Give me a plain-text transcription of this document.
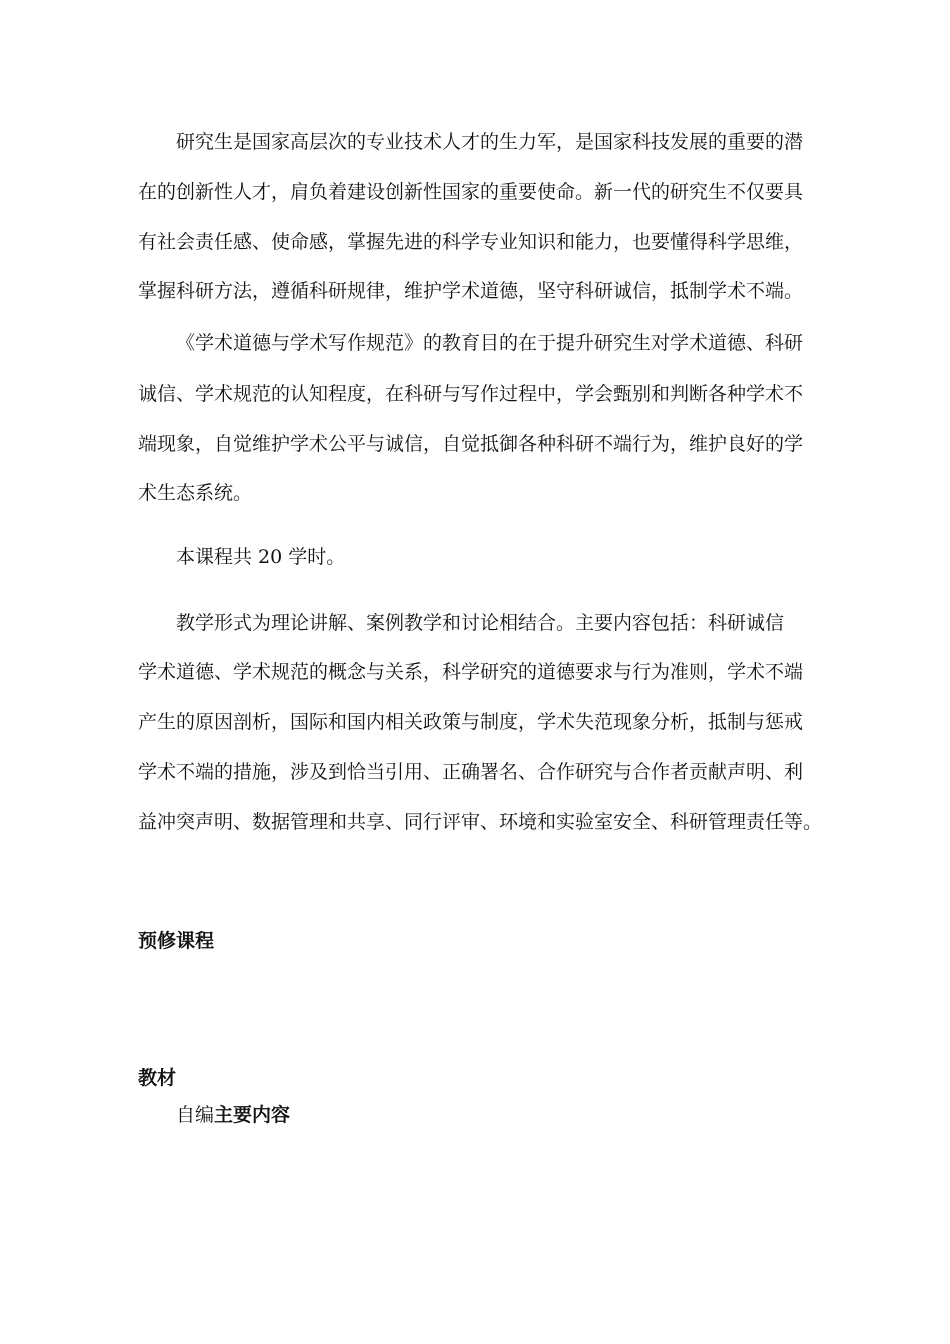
研究生是国家高层次的专业技术人才的生力军，是国家科技发展的重要的潜
在的创新性人才，肩负着建设创新性国家的重要使命。新一代的研究生不仅要具
有社会责任感、使命感，掌握先进的科学专业知识和能力，也要懂得科学思维，
掌握科研方法，遵循科研规律，维护学术道德，坚守科研诚信，抵制学术不端。
《学术道德与学术写作规范》的教育目的在于提升研究生对学术道德、科研
诚信、学术规范的认知程度，在科研与写作过程中，学会甄别和判断各种学术不
端现象，自觉维护学术公平与诚信，自觉抵御各种科研不端行为，维护良好的学
术生态系统。
本课程共 20 学时。
教学形式为理论讲解、案例教学和讨论相结合。主要内容包括：科研诚信
学术道德、学术规范的概念与关系，科学研究的道德要求与行为准则，学术不端
产生的原因剖析，国际和国内相关政策与制度，学术失范现象分析，抵制与惩戒
学术不端的措施，涉及到恰当引用、正确署名、合作研究与合作者贡献声明、利
益冲突声明、数据管理和共享、同行评审、环境和实验室安全、科研管理责任等。
预修课程
教材
自编主要内容
